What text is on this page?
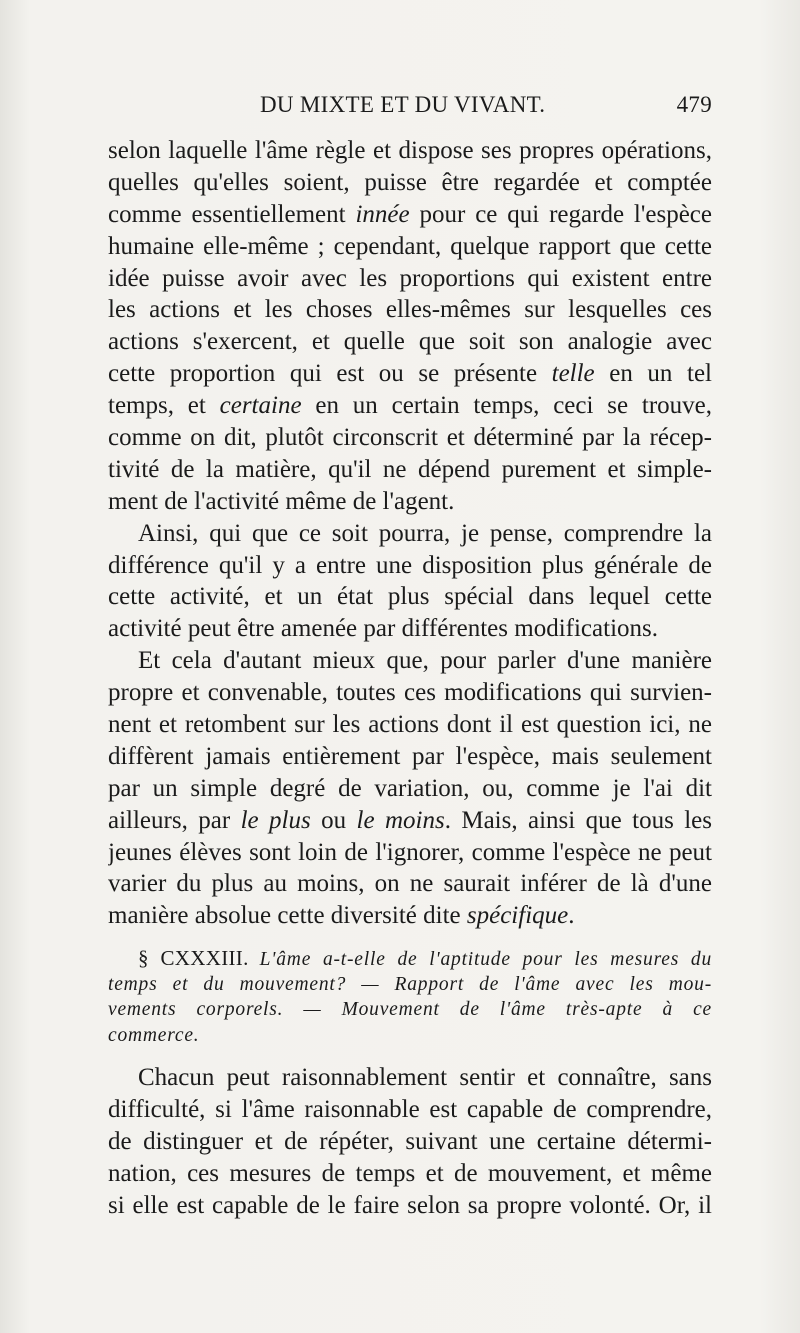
DU MIXTE ET DU VIVANT.	479
selon laquelle l'âme règle et dispose ses propres opérations,
quelles qu'elles soient, puisse être regardée et comptée
comme essentiellement innée pour ce qui regarde l'espèce
humaine elle-même ; cependant, quelque rapport que cette
idée puisse avoir avec les proportions qui existent entre
les actions et les choses elles-mêmes sur lesquelles ces
actions s'exercent, et quelle que soit son analogie avec
cette proportion qui est ou se présente telle en un tel
temps, et certaine en un certain temps, ceci se trouve,
comme on dit, plutôt circonscrit et déterminé par la récep-
tivité de la matière, qu'il ne dépend purement et simple-
ment de l'activité même de l'agent.
Ainsi, qui que ce soit pourra, je pense, comprendre la
différence qu'il y a entre une disposition plus générale de
cette activité, et un état plus spécial dans lequel cette
activité peut être amenée par différentes modifications.
Et cela d'autant mieux que, pour parler d'une manière
propre et convenable, toutes ces modifications qui survien-
nent et retombent sur les actions dont il est question ici, ne
diffèrent jamais entièrement par l'espèce, mais seulement
par un simple degré de variation, ou, comme je l'ai dit
ailleurs, par le plus ou le moins. Mais, ainsi que tous les
jeunes élèves sont loin de l'ignorer, comme l'espèce ne peut
varier du plus au moins, on ne saurait inférer de là d'une
manière absolue cette diversité dite spécifique.
§ CXXXIII. L'âme a-t-elle de l'aptitude pour les mesures du
temps et du mouvement? — Rapport de l'âme avec les mou-
vements corporels. — Mouvement de l'âme très-apte à ce
commerce.
Chacun peut raisonnablement sentir et connaître, sans
difficulté, si l'âme raisonnable est capable de comprendre,
de distinguer et de répéter, suivant une certaine détermi-
nation, ces mesures de temps et de mouvement, et même
si elle est capable de le faire selon sa propre volonté. Or, il
